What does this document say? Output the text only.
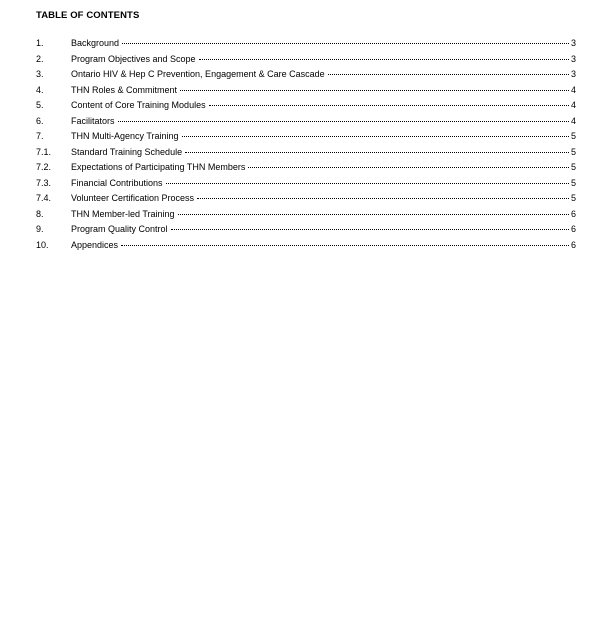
TABLE OF CONTENTS
1.	Background	3
2.	Program Objectives and Scope	3
3.	Ontario HIV & Hep C Prevention, Engagement & Care Cascade	3
4.	THN Roles & Commitment	4
5.	Content of Core Training Modules	4
6.	Facilitators	4
7.	THN Multi-Agency Training	5
7.1.	Standard Training Schedule	5
7.2.	Expectations of Participating THN Members	5
7.3.	Financial Contributions	5
7.4.	Volunteer Certification Process	5
8.	THN Member-led Training	6
9.	Program Quality Control	6
10.	Appendices	6
